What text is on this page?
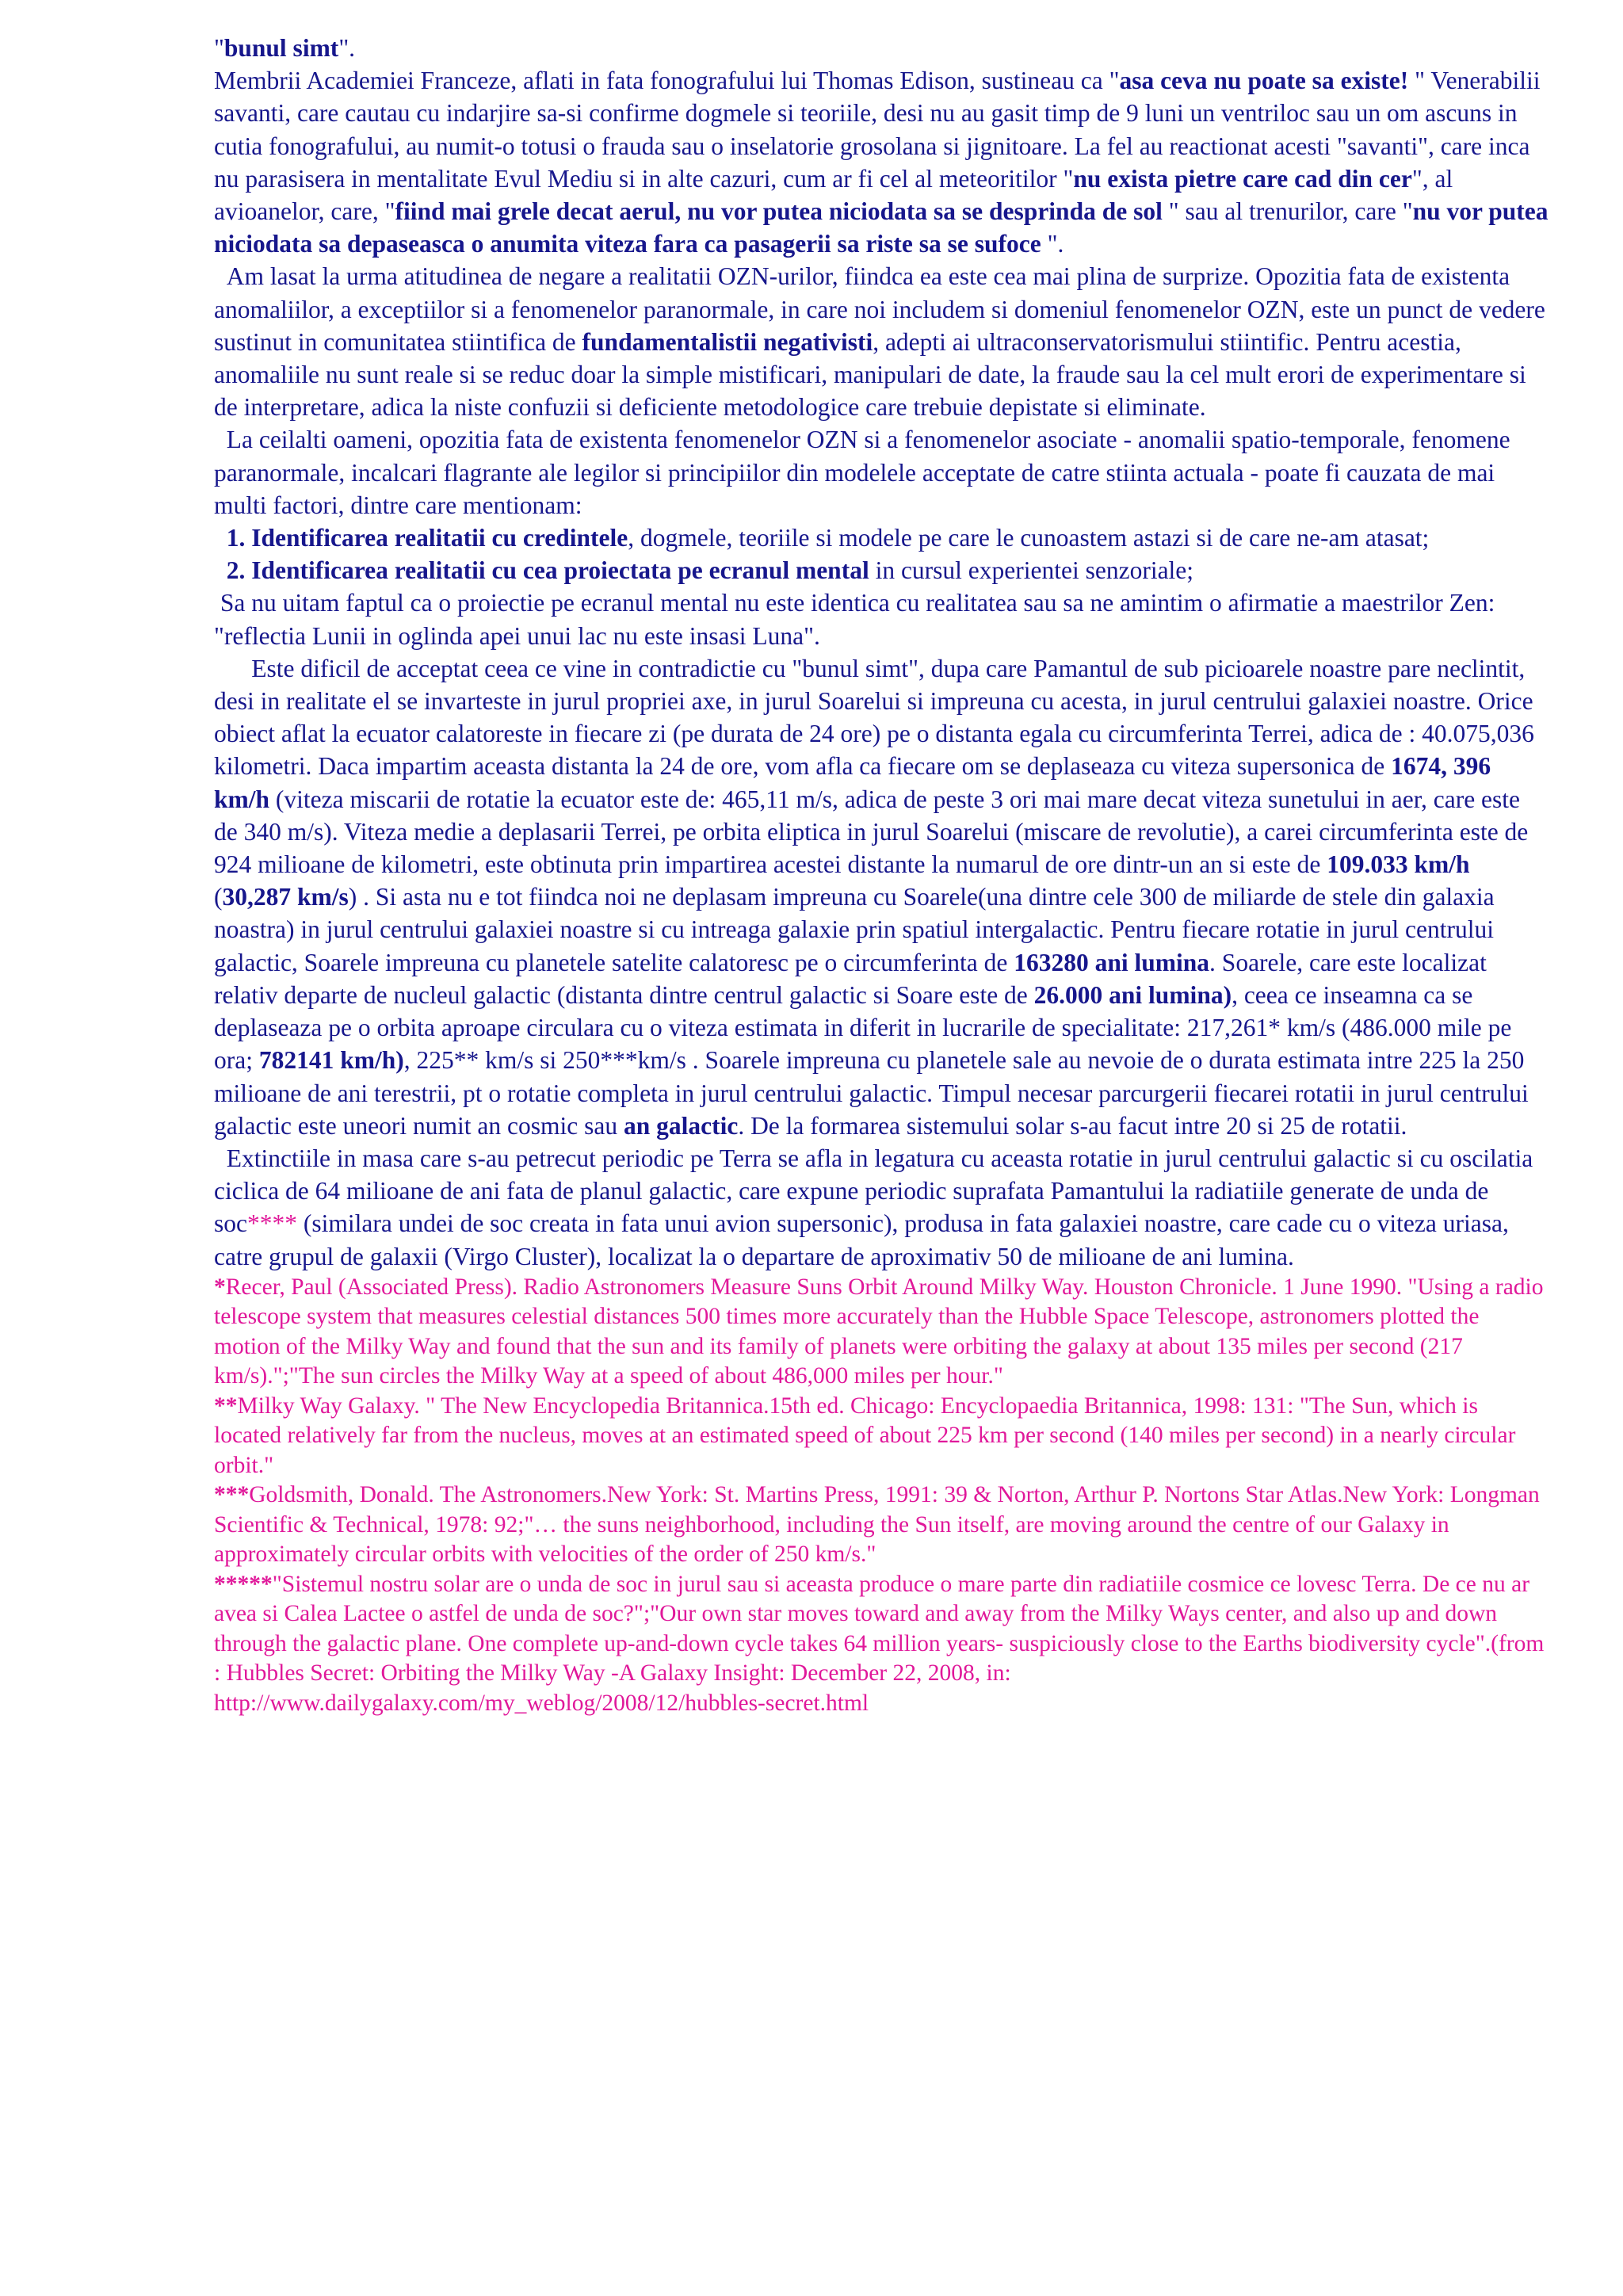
"bunul simt".

Membrii Academiei Franceze, aflati in fata fonografului lui Thomas Edison, sustineau ca "asa ceva nu poate sa existe! " Venerabilii savanti, care cautau cu indarjire sa-si confirme dogmele si teoriile, desi nu au gasit timp de 9 luni un ventriloc sau un om ascuns in cutia fonografului, au numit-o totusi o frauda sau o inselatorie grosolana si jignitoare. La fel au reactionat acesti "savanti", care inca nu parasisera in mentalitate Evul Mediu si in alte cazuri, cum ar fi cel al meteoritilor "nu exista pietre care cad din cer", al avioanelor, care, "fiind mai grele decat aerul, nu vor putea niciodata sa se desprinda de sol " sau al trenurilor, care "nu vor putea niciodata sa depaseasca o anumita viteza fara ca pasagerii sa riste sa se sufoce ".

Am lasat la urma atitudinea de negare a realitatii OZN-urilor, fiindca ea este cea mai plina de surprize. Opozitia fata de existenta anomaliilor, a exceptiilor si a fenomenelor paranormale, in care noi includem si domeniul fenomenelor OZN, este un punct de vedere sustinut in comunitatea stiintifica de fundamentalistii negativisti, adepti ai ultraconservatorismului stiintific. Pentru acestia, anomaliile nu sunt reale si se reduc doar la simple mistificari, manipulari de date, la fraude sau la cel mult erori de experimentare si de interpretare, adica la niste confuzii si deficiente metodologice care trebuie depistate si eliminate.

La ceilalti oameni, opozitia fata de existenta fenomenelor OZN si a fenomenelor asociate - anomalii spatio-temporale, fenomene paranormale, incalcari flagrante ale legilor si principiilor din modelele acceptate de catre stiinta actuala - poate fi cauzata de mai multi factori, dintre care mentionam:

1. Identificarea realitatii cu credintele, dogmele, teoriile si modele pe care le cunoastem astazi si de care ne-am atasat;

2. Identificarea realitatii cu cea proiectata pe ecranul mental in cursul experientei senzoriale;

Sa nu uitam faptul ca o proiectie pe ecranul mental nu este identica cu realitatea sau sa ne amintim o afirmatie a maestrilor Zen: "reflectia Lunii in oglinda apei unui lac nu este insasi Luna".

Este dificil de acceptat ceea ce vine in contradictie cu "bunul simt", dupa care Pamantul de sub picioarele noastre pare neclintit, desi in realitate el se invarteste in jurul propriei axe, in jurul Soarelui si impreuna cu acesta, in jurul centrului galaxiei noastre. Orice obiect aflat la ecuator calatoreste in fiecare zi (pe durata de 24 ore) pe o distanta egala cu circumferinta Terrei, adica de : 40.075,036 kilometri. Daca impartim aceasta distanta la 24 de ore, vom afla ca fiecare om se deplaseaza cu viteza supersonica de 1674, 396 km/h (viteza miscarii de rotatie la ecuator este de: 465,11 m/s, adica de peste 3 ori mai mare decat viteza sunetului in aer, care este de 340 m/s). Viteza medie a deplasarii Terrei, pe orbita eliptica in jurul Soarelui (miscare de revolutie), a carei circumferinta este de 924 milioane de kilometri, este obtinuta prin impartirea acestei distante la numarul de ore dintr-un an si este de 109.033 km/h (30,287 km/s) . Si asta nu e tot fiindca noi ne deplasam impreuna cu Soarele(una dintre cele 300 de miliarde de stele din galaxia noastra) in jurul centrului galaxiei noastre si cu intreaga galaxie prin spatiul intergalactic. Pentru fiecare rotatie in jurul centrului galactic, Soarele impreuna cu planetele satelite calatoresc pe o circumferinta de 163280 ani lumina. Soarele, care este localizat relativ departe de nucleul galactic (distanta dintre centrul galactic si Soare este de 26.000 ani lumina), ceea ce inseamna ca se deplaseaza pe o orbita aproape circulara cu o viteza estimata in diferit in lucrarile de specialitate: 217,261* km/s (486.000 mile pe ora; 782141 km/h), 225** km/s si 250***km/s . Soarele impreuna cu planetele sale au nevoie de o durata estimata intre 225 la 250 milioane de ani terestrii, pt o rotatie completa in jurul centrului galactic. Timpul necesar parcurgerii fiecarei rotatii in jurul centrului galactic este uneori numit an cosmic sau an galactic. De la formarea sistemului solar s-au facut intre 20 si 25 de rotatii.

Extinctiile in masa care s-au petrecut periodic pe Terra se afla in legatura cu aceasta rotatie in jurul centrului galactic si cu oscilatia ciclica de 64 milioane de ani fata de planul galactic, care expune periodic suprafata Pamantului la radiatiile generate de unda de soc**** (similara undei de soc creata in fata unui avion supersonic), produsa in fata galaxiei noastre, care cade cu o viteza uriasa, catre grupul de galaxii (Virgo Cluster), localizat la o departare de aproximativ 50 de milioane de ani lumina.

*Recer, Paul (Associated Press). Radio Astronomers Measure Suns Orbit Around Milky Way. Houston Chronicle. 1 June 1990. "Using a radio telescope system that measures celestial distances 500 times more accurately than the Hubble Space Telescope, astronomers plotted the motion of the Milky Way and found that the sun and its family of planets were orbiting the galaxy at about 135 miles per second (217 km/s).";"The sun circles the Milky Way at a speed of about 486,000 miles per hour."

**Milky Way Galaxy. " The New Encyclopedia Britannica.15th ed. Chicago: Encyclopaedia Britannica, 1998: 131: "The Sun, which is located relatively far from the nucleus, moves at an estimated speed of about 225 km per second (140 miles per second) in a nearly circular orbit."

***Goldsmith, Donald. The Astronomers.New York: St. Martins Press, 1991: 39 & Norton, Arthur P. Nortons Star Atlas.New York: Longman Scientific & Technical, 1978: 92;"… the suns neighborhood, including the Sun itself, are moving around the centre of our Galaxy in approximately circular orbits with velocities of the order of 250 km/s."

*****"Sistemul nostru solar are o unda de soc in jurul sau si aceasta produce o mare parte din radiatiile cosmice ce lovesc Terra. De ce nu ar avea si Calea Lactee o astfel de unda de soc?";"Our own star moves toward and away from the Milky Ways center, and also up and down through the galactic plane. One complete up-and-down cycle takes 64 million years- suspiciously close to the Earths biodiversity cycle".(from : Hubbles Secret: Orbiting the Milky Way -A Galaxy Insight: December 22, 2008, in: http://www.dailygalaxy.com/my_weblog/2008/12/hubbles-secret.html
